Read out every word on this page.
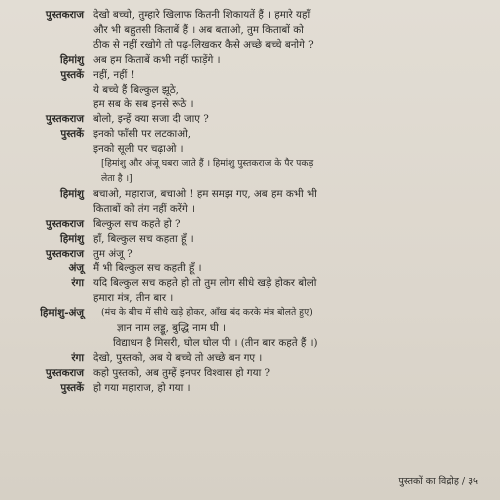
पुस्तकराज देखो बच्चो, तुम्हारे खिलाफ कितनी शिकायतें हैं । हमारे यहाँ
और भी बहुतसी किताबें हैं । अब बताओ, तुम किताबों को
ठीक से नहीं रखोगे तो पढ़-लिखकर कैसे अच्छे बच्चे बनोगे ?
हिमांशु अब हम किताबें कभी नहीं फाड़ेंगे ।
पुस्तकें नहीं, नहीं !
ये बच्चे हैं बिल्कुल झूठे,
हम सब के सब इनसे रूठे ।
पुस्तकराज बोलो, इन्हें क्या सजा दी जाए ?
पुस्तकें इनको फाँसी पर लटकाओ,
इनको सूली पर चढ़ाओ ।
[हिमांशु और अंजू घबरा जाते हैं । हिमांशु पुस्तकराज के पैर पकड़
लेता है ।]
हिमांशु बचाओ, महाराज, बचाओ ! हम समझ गए, अब हम कभी भी
किताबों को तंग नहीं करेंगे ।
पुस्तकराज बिल्कुल सच कहते हो ?
हिमांशु हाँ, बिल्कुल सच कहता हूँ ।
पुस्तकराज तुम अंजू ?
अंजू मैं भी बिल्कुल सच कहती हूँ ।
रंगा यदि बिल्कुल सच कहते हो तो तुम लोग सीधे खड़े होकर बोलो
हमारा मंत्र, तीन बार ।
हिमांशु-अंजू	(मंच के बीच में सीधे खड़े होकर, आँख बंद करके मंत्र बोलते हुए)
ज्ञान नाम लड्डू, बुद्धि नाम घी ।
विद्याधन है मिसरी, घोल घोल पी । (तीन बार कहते हैं ।)
रंगा देखो, पुस्तको, अब ये बच्चे तो अच्छे बन गए ।
पुस्तकराज कहो पुस्तको, अब तुम्हें इनपर विश्वास हो गया ?
पुस्तकें हो गया महाराज, हो गया ।
पुस्तकों का विद्रोह / ३५
